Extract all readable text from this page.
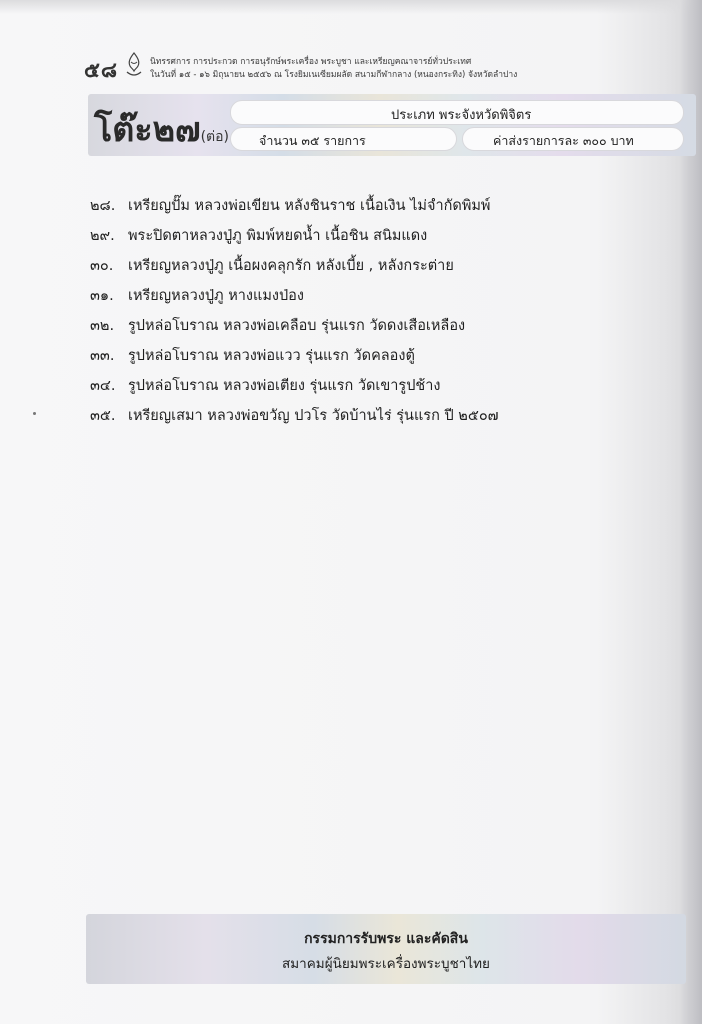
๕๘	นิทรรศการ การประกวด การอนุรักษ์พระเครื่อง พระบูชา และเหรียญคณาจารย์ทั่วประเทศ
ในวันที่ ๑๕ - ๑๖ มิถุนายน ๒๕๕๖ ณ โรงยิมเนเซียมผลัด สนามกีฬากลาง (หนองกระทิง) จังหวัดลำปาง
โต๊ะ๒๗(ต่อ)
ประเภท พระจังหวัดพิจิตร
จำนวน ๓๕ รายการ	ค่าส่งรายการละ ๓๐๐ บาท
๒๘. เหรียญปั๊ม หลวงพ่อเขียน หลังชินราช เนื้อเงิน ไม่จำกัดพิมพ์
๒๙. พระปิดตาหลวงปู่ภู พิมพ์หยดน้ำ เนื้อชิน สนิมแดง
๓๐.	เหรียญหลวงปู่ภู เนื้อผงคลุกรัก หลังเบี้ย , หลังกระต่าย
๓๑. เหรียญหลวงปู่ภู หางแมงป่อง
๓๒. รูปหล่อโบราณ หลวงพ่อเคลือบ รุ่นแรก วัดดงเสือเหลือง
๓๓. รูปหล่อโบราณ หลวงพ่อแวว รุ่นแรก วัดคลองตู้
๓๔. รูปหล่อโบราณ หลวงพ่อเตียง รุ่นแรก วัดเขารูปช้าง
๓๕. เหรียญเสมา หลวงพ่อขวัญ ปวโร วัดบ้านไร่ รุ่นแรก ปี ๒๕๐๗
กรรมการรับพระ และคัดสิน
สมาคมผู้นิยมพระเครื่องพระบูชาไทย
